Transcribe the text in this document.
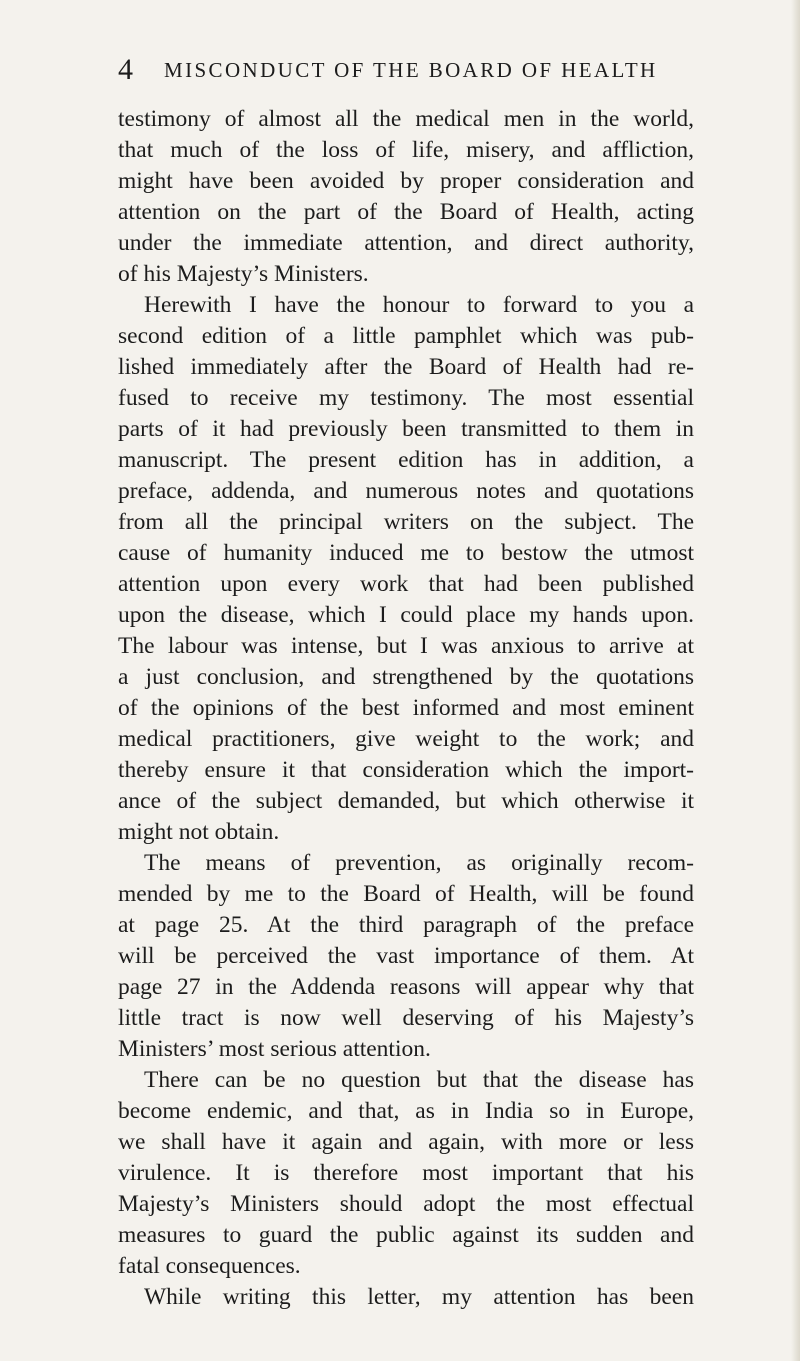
4 MISCONDUCT OF THE BOARD OF HEALTH
testimony of almost all the medical men in the world,
that much of the loss of life, misery, and affliction,
might have been avoided by proper consideration and
attention on the part of the Board of Health, acting
under the immediate attention, and direct authority,
of his Majesty’s Ministers.
Herewith I have the honour to forward to you a
second edition of a little pamphlet which was pub-
lished immediately after the Board of Health had re-
fused to receive my testimony. The most essential
parts of it had previously been transmitted to them in
manuscript. The present edition has in addition, a
preface, addenda, and numerous notes and quotations
from all the principal writers on the subject. The
cause of humanity induced me to bestow the utmost
attention upon every work that had been published
upon the disease, which I could place my hands upon.
The labour was intense, but I was anxious to arrive at
a just conclusion, and strengthened by the quotations
of the opinions of the best informed and most eminent
medical practitioners, give weight to the work; and
thereby ensure it that consideration which the import-
ance of the subject demanded, but which otherwise it
might not obtain.
The means of prevention, as originally recom-
mended by me to the Board of Health, will be found
at page 25. At the third paragraph of the preface
will be perceived the vast importance of them. At
page 27 in the Addenda reasons will appear why that
little tract is now well deserving of his Majesty’s
Ministers’ most serious attention.
There can be no question but that the disease has
become endemic, and that, as in India so in Europe,
we shall have it again and again, with more or less
virulence. It is therefore most important that his
Majesty’s Ministers should adopt the most effectual
measures to guard the public against its sudden and
fatal consequences.
While writing this letter, my attention has been
